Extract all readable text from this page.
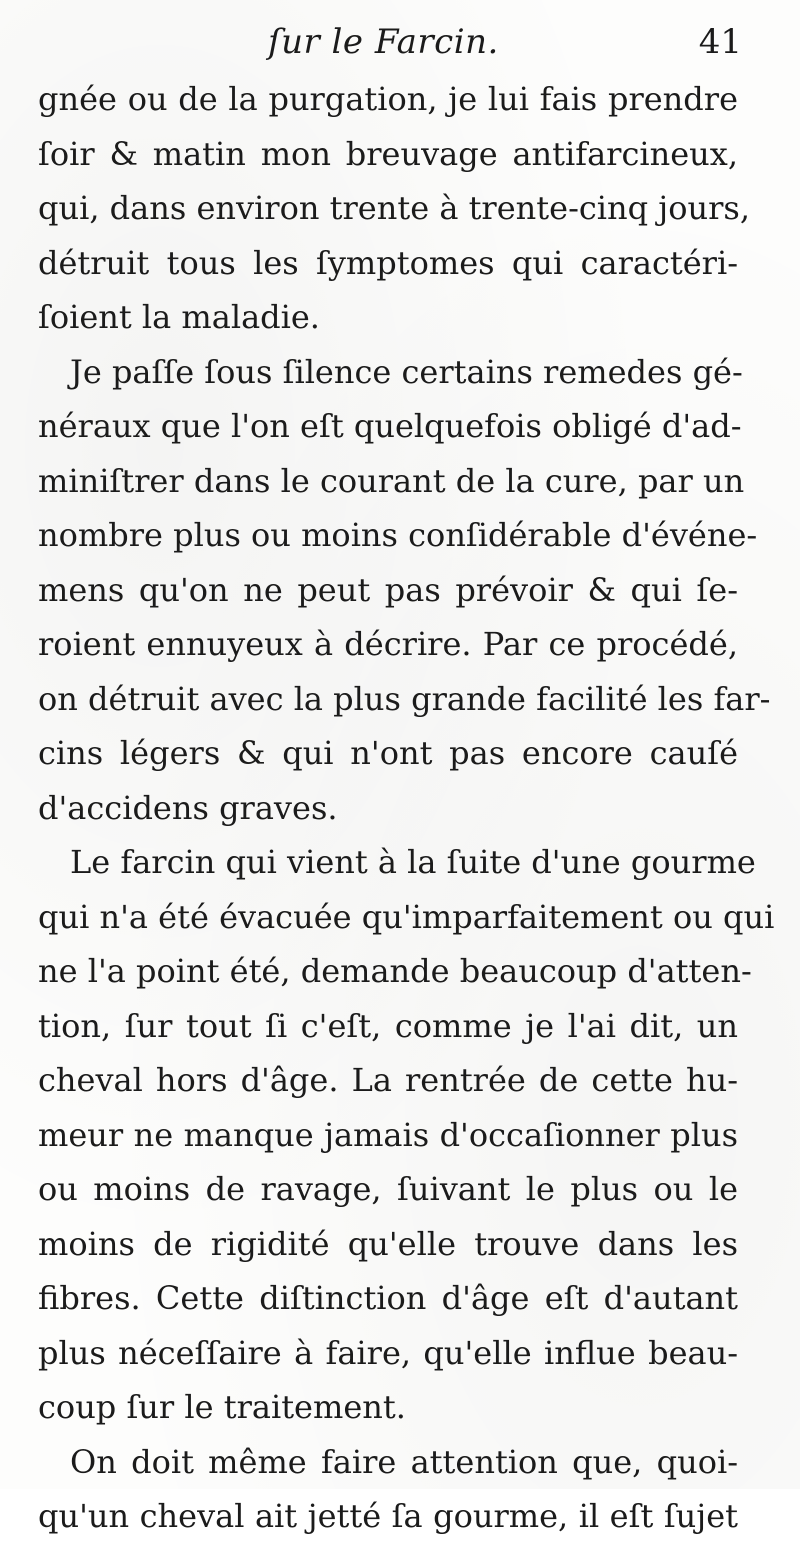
ſur le Farcin.	41
gnée ou de la purgation, je lui fais prendre
ſoir & matin mon breuvage antifarcineux,
qui, dans environ trente à trente-cinq jours,
détruit tous les ſymptomes qui caractéri-
ſoient la maladie.
Je paſſe ſous ſilence certains remedes gé-
néraux que l'on eſt quelquefois obligé d'ad-
miniſtrer dans le courant de la cure, par un
nombre plus ou moins conſidérable d'événe-
mens qu'on ne peut pas prévoir & qui ſe-
roient ennuyeux à décrire. Par ce procédé,
on détruit avec la plus grande facilité les far-
cins légers & qui n'ont pas encore cauſé
d'accidens graves.
Le farcin qui vient à la ſuite d'une gourme
qui n'a été évacuée qu'imparfaitement ou qui
ne l'a point été, demande beaucoup d'atten-
tion, ſur tout ſi c'eſt, comme je l'ai dit, un
cheval hors d'âge. La rentrée de cette hu-
meur ne manque jamais d'occaſionner plus
ou moins de ravage, ſuivant le plus ou le
moins de rigidité qu'elle trouve dans les
fibres. Cette diſtinction d'âge eſt d'autant
plus néceſſaire à faire, qu'elle influe beau-
coup ſur le traitement.
On doit même faire attention que, quoi-
qu'un cheval ait jetté ſa gourme, il eſt ſujet
